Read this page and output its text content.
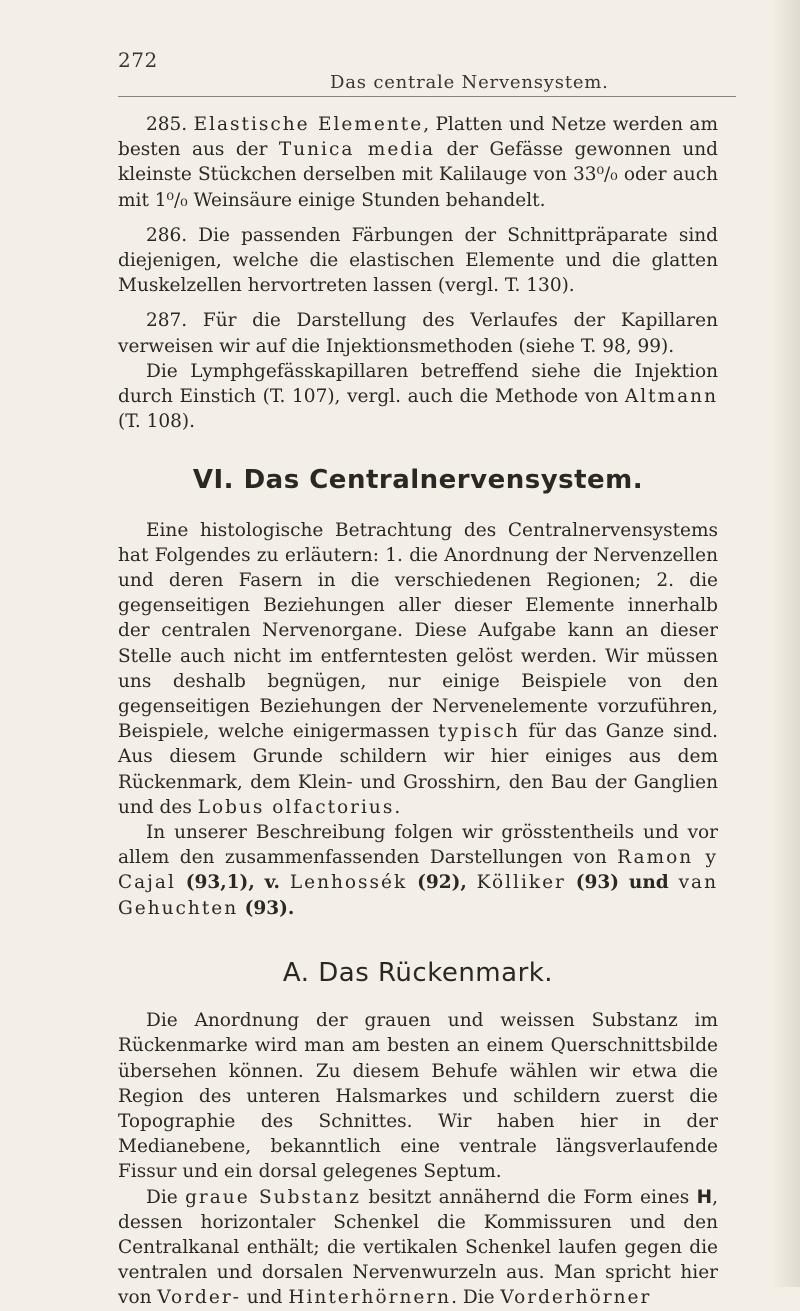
272
Das centrale Nervensystem.

285. Elastische Elemente, Platten und Netze werden am besten aus der Tunica media der Gefässe gewonnen und kleinste Stückchen derselben mit Kalilauge von 33⁰/₀ oder auch mit 1⁰/₀ Weinsäure einige Stunden behandelt.

286. Die passenden Färbungen der Schnittpräparate sind diejenigen, welche die elastischen Elemente und die glatten Muskelzellen hervortreten lassen (vergl. T. 130).

287. Für die Darstellung des Verlaufes der Kapillaren verweisen wir auf die Injektionsmethoden (siehe T. 98, 99).

Die Lymphgefässkapillaren betreffend siehe die Injektion durch Einstich (T. 107), vergl. auch die Methode von Altmann (T. 108).

VI. Das Centralnervensystem.

Eine histologische Betrachtung des Centralnervensystems hat Folgendes zu erläutern: 1. die Anordnung der Nervenzellen und deren Fasern in die verschiedenen Regionen; 2. die gegenseitigen Beziehungen aller dieser Elemente innerhalb der centralen Nervenorgane. Diese Aufgabe kann an dieser Stelle auch nicht im entferntesten gelöst werden. Wir müssen uns deshalb begnügen, nur einige Beispiele von den gegenseitigen Beziehungen der Nervenelemente vorzuführen, Beispiele, welche einigermassen typisch für das Ganze sind. Aus diesem Grunde schildern wir hier einiges aus dem Rückenmark, dem Klein- und Grosshirn, den Bau der Ganglien und des Lobus olfactorius.

In unserer Beschreibung folgen wir grösstentheils und vor allem den zusammenfassenden Darstellungen von Ramon y Cajal (93,1), v. Lenhossék (92), Kölliker (93) und van Gehuchten (93).

A. Das Rückenmark.

Die Anordnung der grauen und weissen Substanz im Rückenmarke wird man am besten an einem Querschnittsbilde übersehen können. Zu diesem Behufe wählen wir etwa die Region des unteren Halsmarkes und schildern zuerst die Topographie des Schnittes. Wir haben hier in der Medianebene, bekanntlich eine ventrale längsverlaufende Fissur und ein dorsal gelegenes Septum.

Die graue Substanz besitzt annähernd die Form eines H, dessen horizontaler Schenkel die Kommissuren und den Centralkanal enthält; die vertikalen Schenkel laufen gegen die ventralen und dorsalen Nervenwurzeln aus. Man spricht hier von Vorder- und Hinterhörnern. Die Vorderhörner
